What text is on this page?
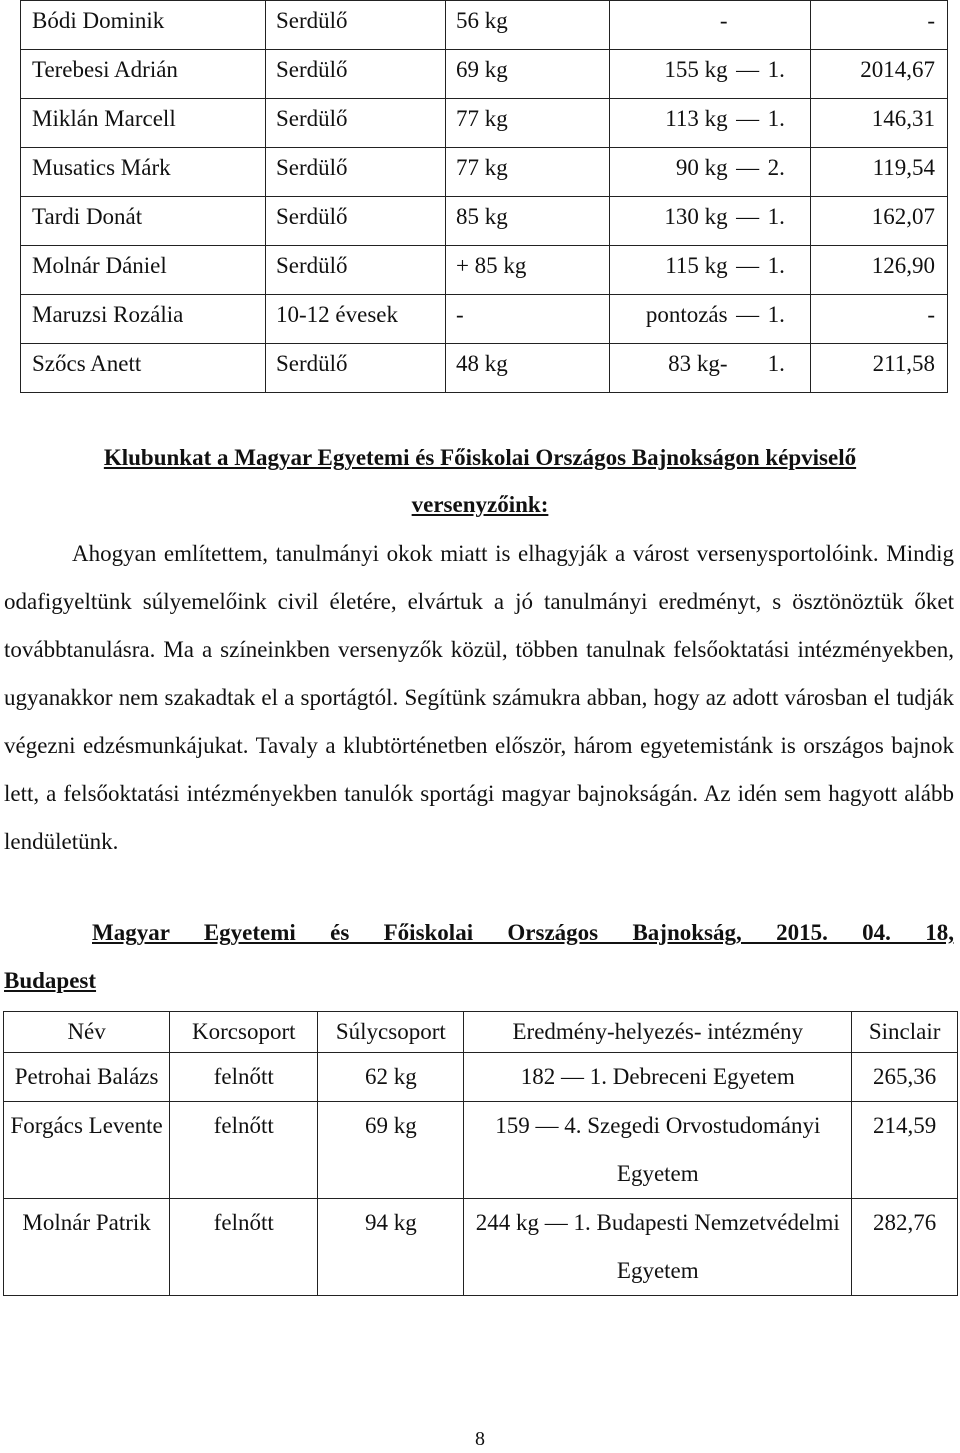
Bódi Dominik	Serdülő	56 kg	-	-
Terebesi Adrián	Serdülő	69 kg	155 kg — 1.	2014,67
Miklán Marcell	Serdülő	77 kg	113 kg — 1.	146,31
Musatics Márk	Serdülő	77 kg	90 kg — 2.	119,54
Tardi Donát	Serdülő	85 kg	130 kg — 1.	162,07
Molnár Dániel	Serdülő	+ 85 kg	115 kg — 1.	126,90
Maruzsi Rozália	10-12 évesek	-	pontozás — 1.	-
Szőcs Anett	Serdülő	48 kg	83 kg- 1.	211,58
Klubunkat a Magyar Egyetemi és Főiskolai Országos Bajnokságon képviselő
versenyzőink:
Ahogyan említettem, tanulmányi okok miatt is elhagyják a várost versenysportolóink. Mindig odafigyeltünk súlyemelőink civil életére, elvártuk a jó tanulmányi eredményt, s ösztönöztük őket továbbtanulásra. Ma a színeinkben versenyzők közül, többen tanulnak felsőoktatási intézményekben, ugyanakkor nem szakadtak el a sportágtól. Segítünk számukra abban, hogy az adott városban el tudják végezni edzésmunkájukat. Tavaly a klubtörténetben először, három egyetemistánk is országos bajnok lett, a felsőoktatási intézményekben tanulók sportági magyar bajnokságán. Az idén sem hagyott alább lendületünk.
Magyar Egyetemi és Főiskolai Országos Bajnokság, 2015. 04. 18,
Budapest
Név	Korcsoport	Súlycsoport	Eredmény-helyezés- intézmény	Sinclair
Petrohai Balázs	felnőtt	62 kg	182 — 1. Debreceni Egyetem	265,36
Forgács Levente	felnőtt	69 kg	159 — 4. Szegedi Orvostudományi Egyetem	214,59
Molnár Patrik	felnőtt	94 kg	244 kg — 1. Budapesti Nemzetvédelmi Egyetem	282,76
8
